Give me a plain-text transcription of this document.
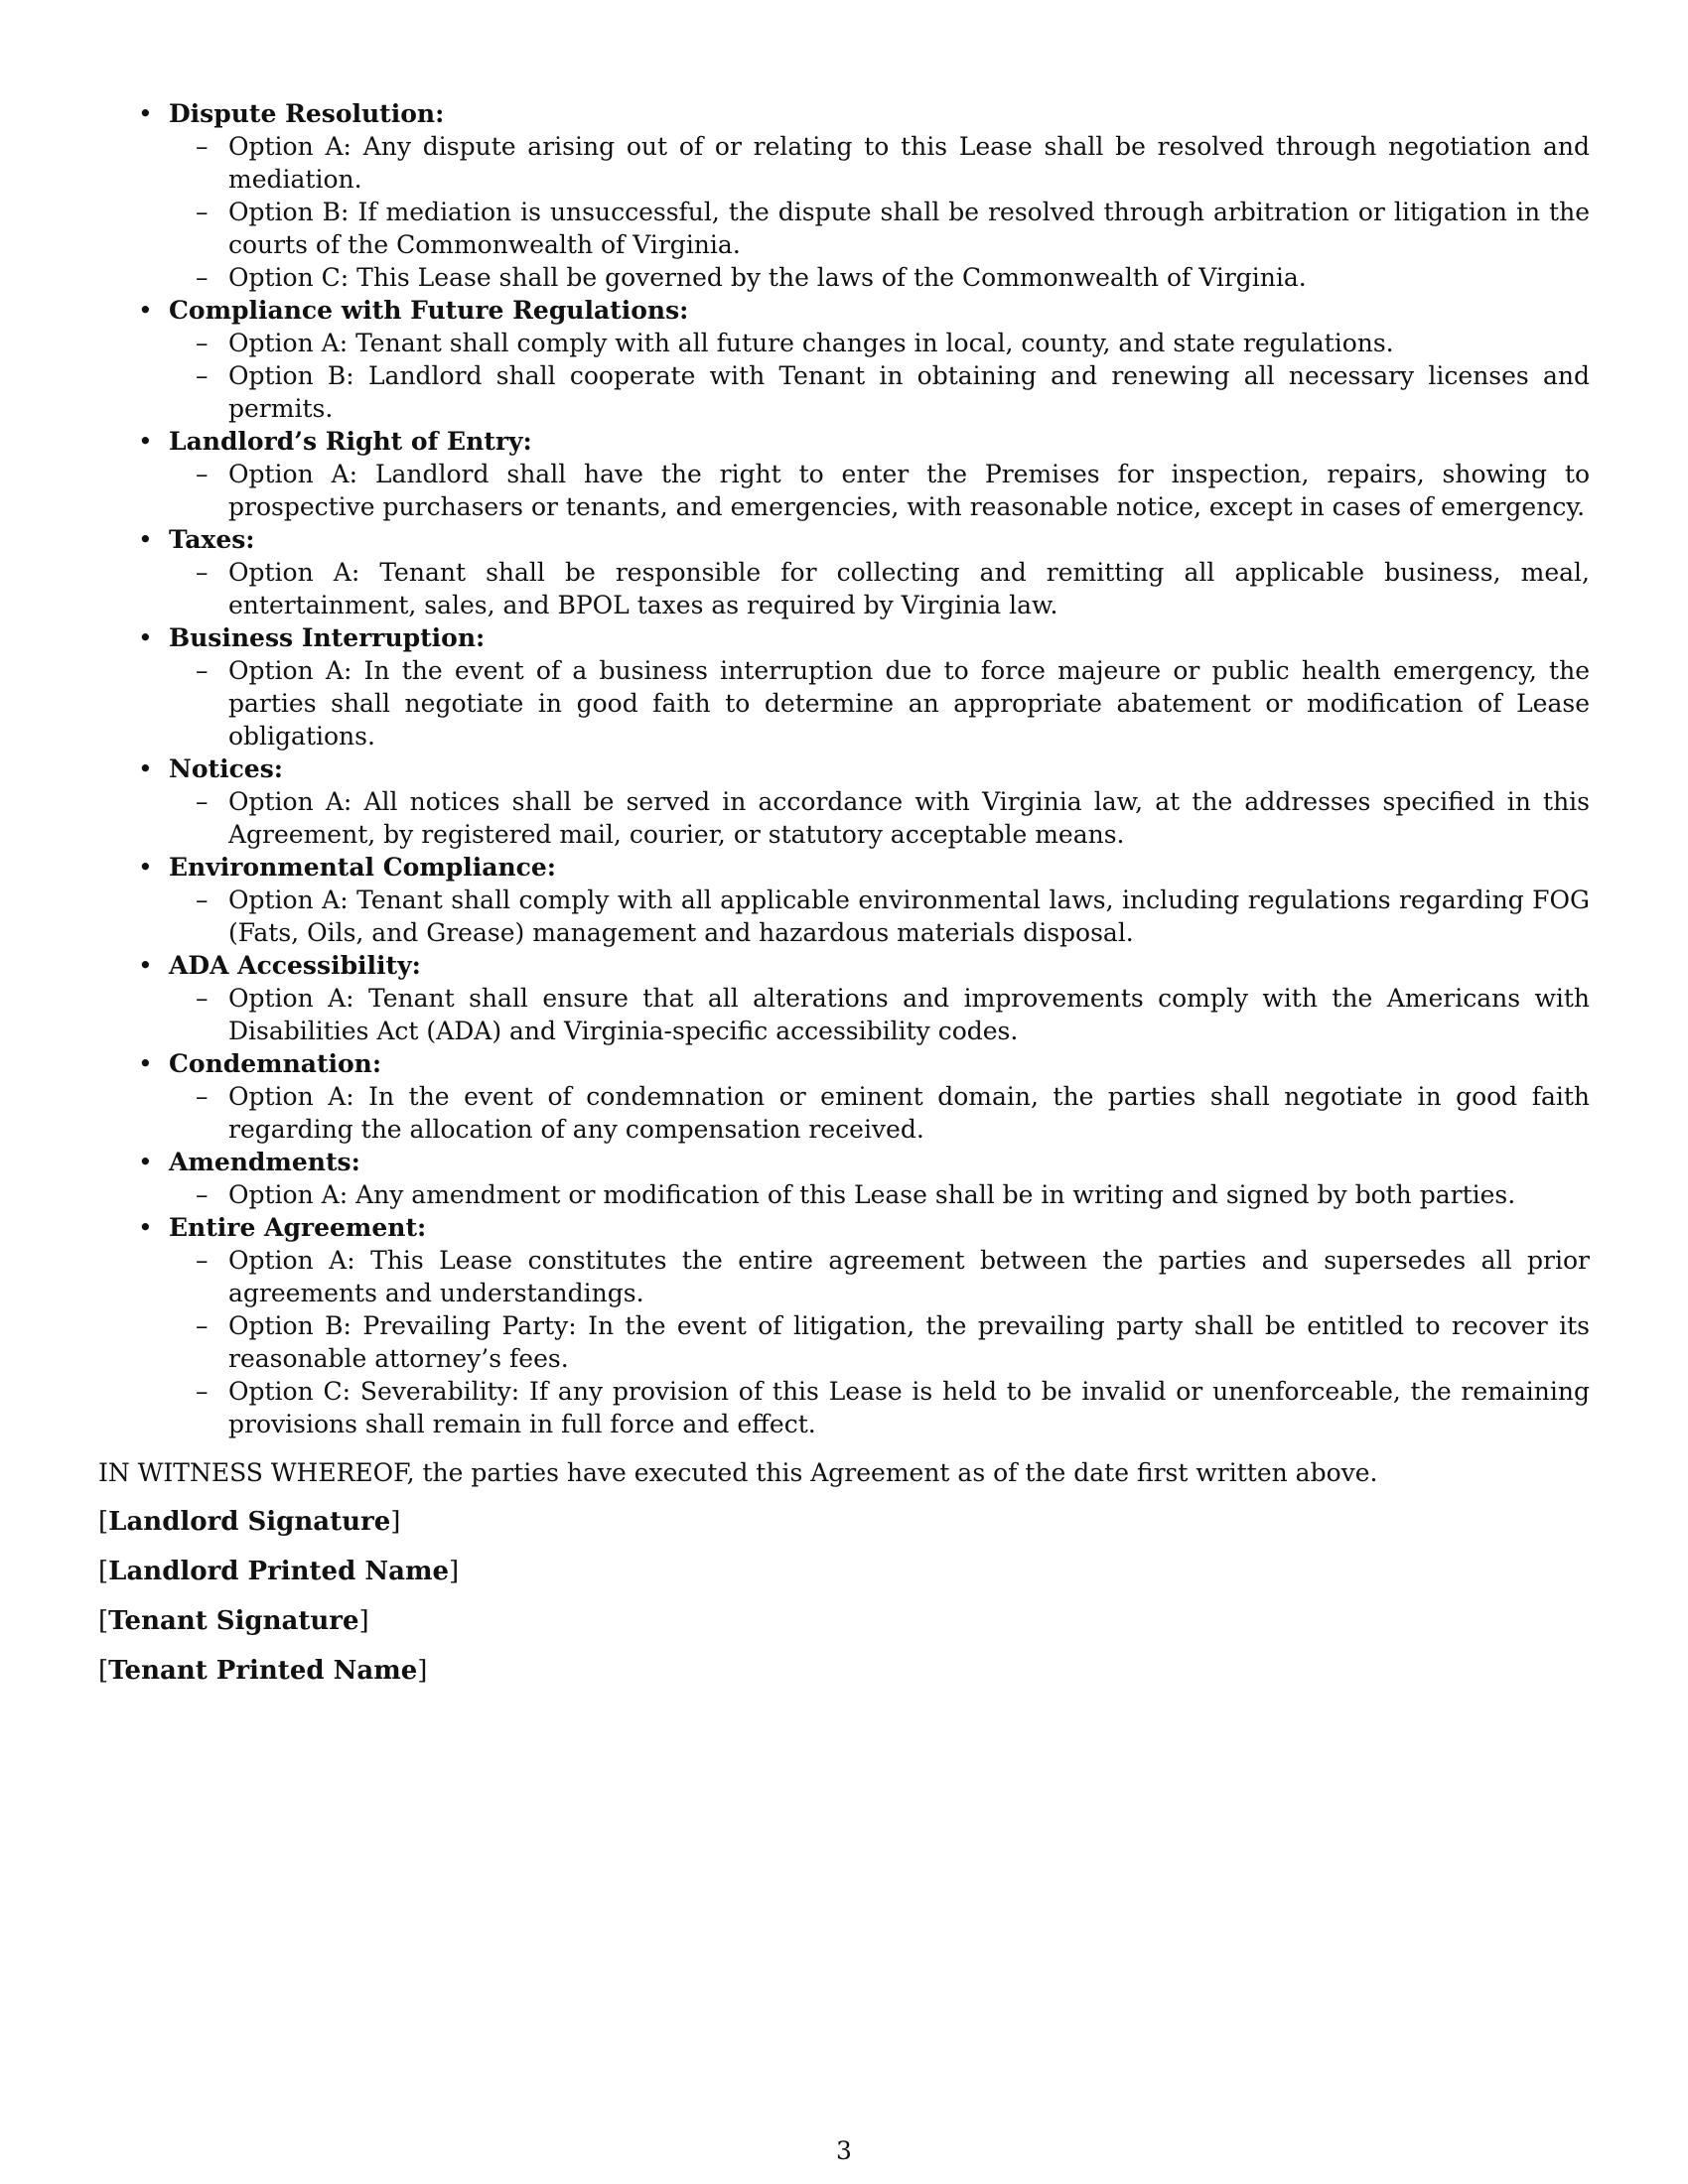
• Dispute Resolution:
– Option A: Any dispute arising out of or relating to this Lease shall be resolved through negotiation and mediation.
– Option B: If mediation is unsuccessful, the dispute shall be resolved through arbitration or litigation in the courts of the Commonwealth of Virginia.
– Option C: This Lease shall be governed by the laws of the Commonwealth of Virginia.
• Compliance with Future Regulations:
– Option A: Tenant shall comply with all future changes in local, county, and state regulations.
– Option B: Landlord shall cooperate with Tenant in obtaining and renewing all necessary licenses and permits.
• Landlord’s Right of Entry:
– Option A: Landlord shall have the right to enter the Premises for inspection, repairs, showing to prospective purchasers or tenants, and emergencies, with reasonable notice, except in cases of emergency.
• Taxes:
– Option A: Tenant shall be responsible for collecting and remitting all applicable business, meal, entertainment, sales, and BPOL taxes as required by Virginia law.
• Business Interruption:
– Option A: In the event of a business interruption due to force majeure or public health emergency, the parties shall negotiate in good faith to determine an appropriate abatement or modification of Lease obligations.
• Notices:
– Option A: All notices shall be served in accordance with Virginia law, at the addresses specified in this Agreement, by registered mail, courier, or statutory acceptable means.
• Environmental Compliance:
– Option A: Tenant shall comply with all applicable environmental laws, including regulations regarding FOG (Fats, Oils, and Grease) management and hazardous materials disposal.
• ADA Accessibility:
– Option A: Tenant shall ensure that all alterations and improvements comply with the Americans with Disabilities Act (ADA) and Virginia-specific accessibility codes.
• Condemnation:
– Option A: In the event of condemnation or eminent domain, the parties shall negotiate in good faith regarding the allocation of any compensation received.
• Amendments:
– Option A: Any amendment or modification of this Lease shall be in writing and signed by both parties.
• Entire Agreement:
– Option A: This Lease constitutes the entire agreement between the parties and supersedes all prior agreements and understandings.
– Option B: Prevailing Party: In the event of litigation, the prevailing party shall be entitled to recover its reasonable attorney’s fees.
– Option C: Severability: If any provision of this Lease is held to be invalid or unenforceable, the remaining provisions shall remain in full force and effect.

IN WITNESS WHEREOF, the parties have executed this Agreement as of the date first written above.

[Landlord Signature]
[Landlord Printed Name]
[Tenant Signature]
[Tenant Printed Name]
3
